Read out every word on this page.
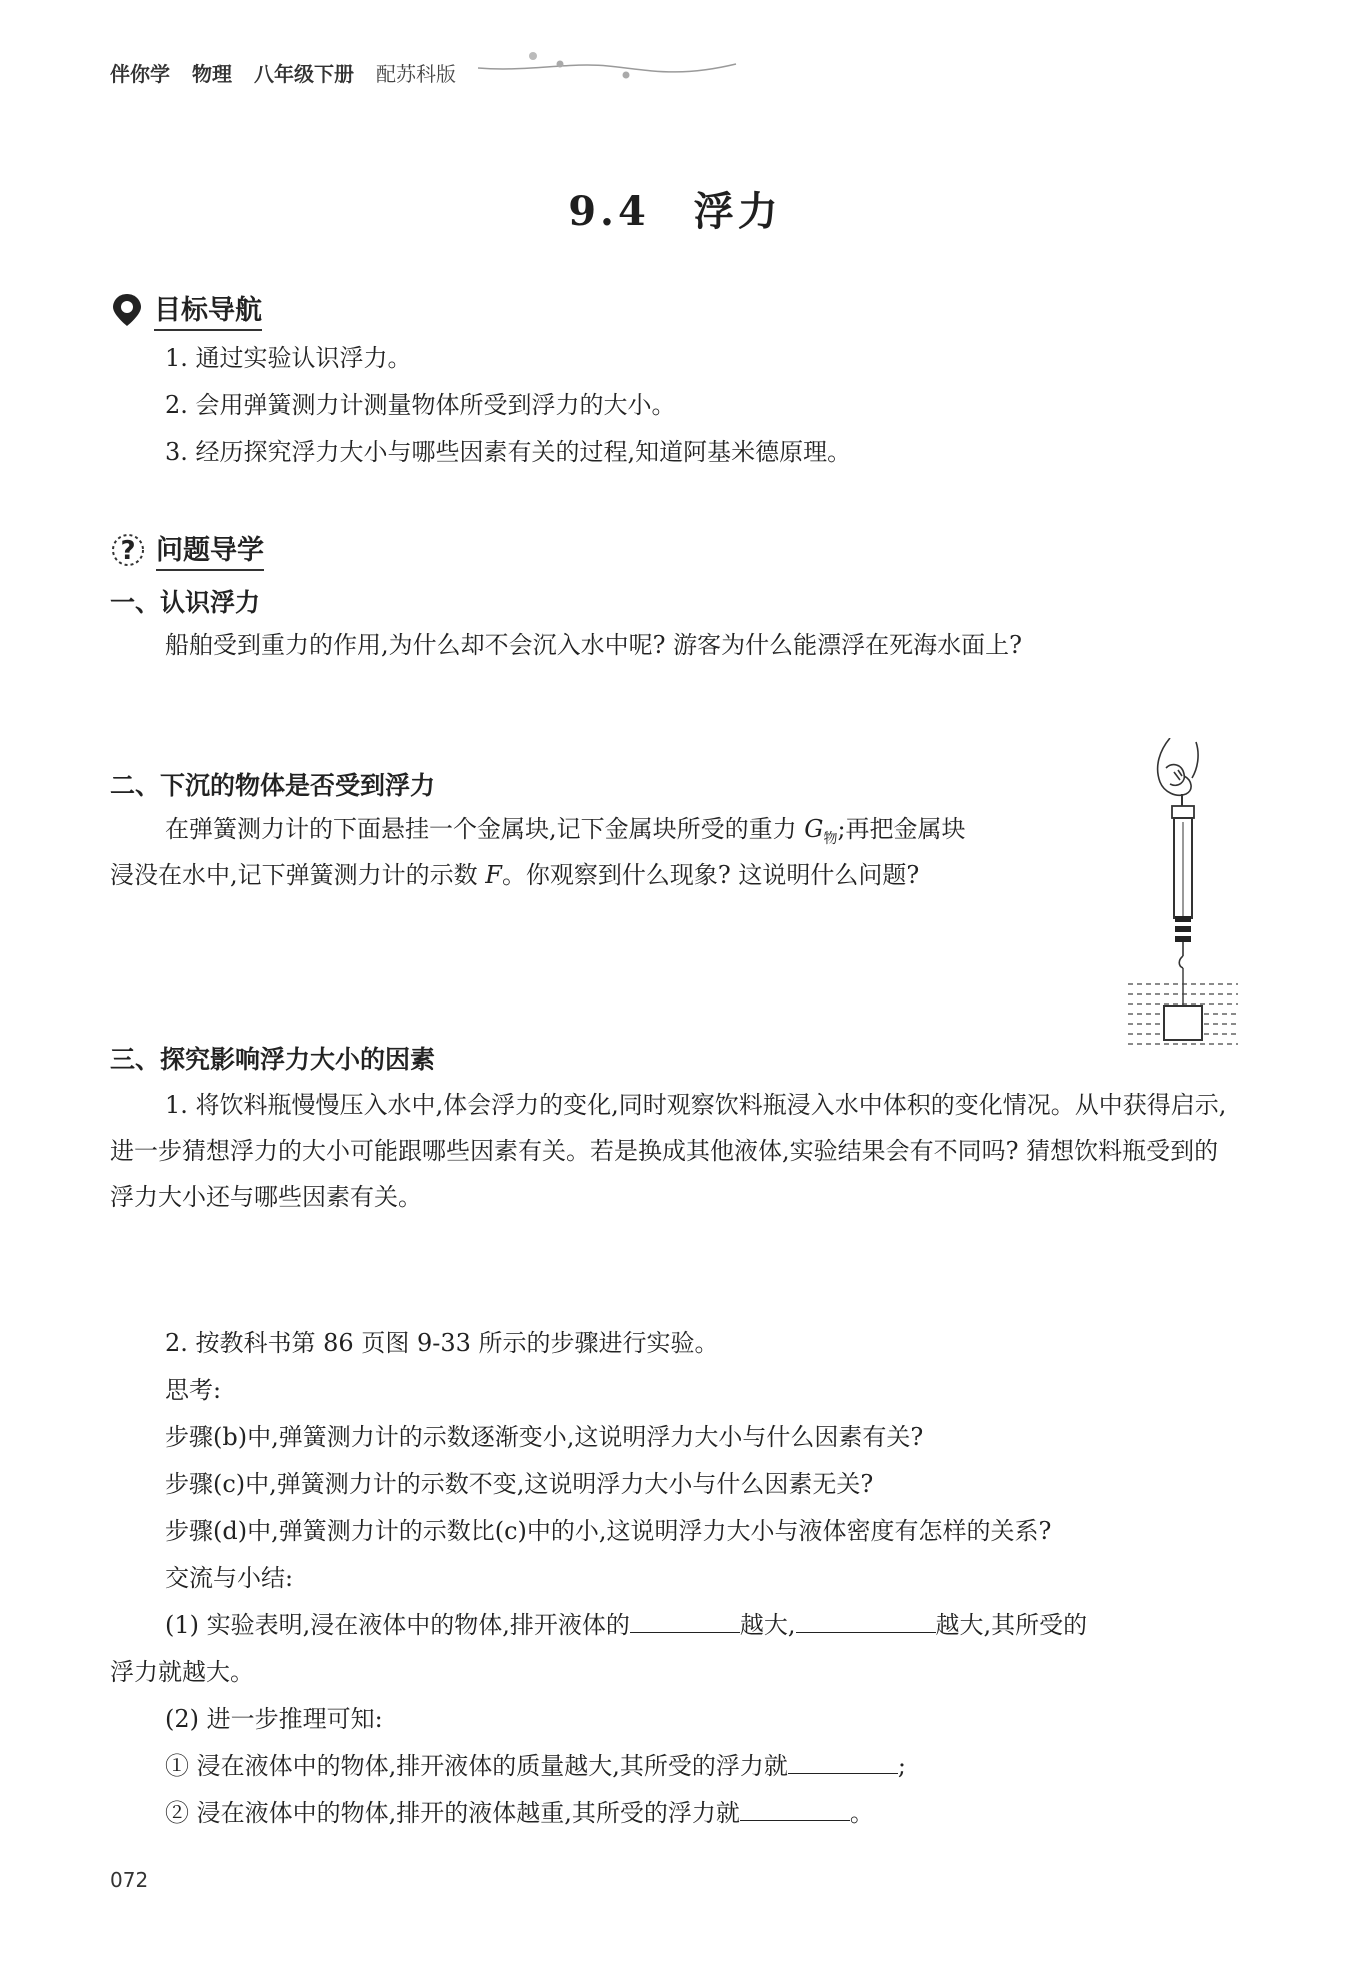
伴你学 物理 八年级下册 配苏科版
9.4　浮力
目标导航
1. 通过实验认识浮力。
2. 会用弹簧测力计测量物体所受到浮力的大小。
3. 经历探究浮力大小与哪些因素有关的过程,知道阿基米德原理。
? 问题导学
一、认识浮力
船舶受到重力的作用,为什么却不会沉入水中呢? 游客为什么能漂浮在死海水面上?
二、下沉的物体是否受到浮力
在弹簧测力计的下面悬挂一个金属块,记下金属块所受的重力 $G_物$;再把金属块
浸没在水中,记下弹簧测力计的示数 F。你观察到什么现象? 这说明什么问题?
三、探究影响浮力大小的因素
1. 将饮料瓶慢慢压入水中,体会浮力的变化,同时观察饮料瓶浸入水中体积的变化情况。从中获得启示,进一步猜想浮力的大小可能跟哪些因素有关。若是换成其他液体,实验结果会有不同吗? 猜想饮料瓶受到的浮力大小还与哪些因素有关。
2. 按教科书第 86 页图 9-33 所示的步骤进行实验。
思考:
步骤(b)中,弹簧测力计的示数逐渐变小,这说明浮力大小与什么因素有关?
步骤(c)中,弹簧测力计的示数不变,这说明浮力大小与什么因素无关?
步骤(d)中,弹簧测力计的示数比(c)中的小,这说明浮力大小与液体密度有怎样的关系?
交流与小结:
(1) 实验表明,浸在液体中的物体,排开液体的	越大,	越大,其所受的
浮力就越大。
(2) 进一步推理可知:
① 浸在液体中的物体,排开液体的质量越大,其所受的浮力就	;
② 浸在液体中的物体,排开的液体越重,其所受的浮力就	。
072
